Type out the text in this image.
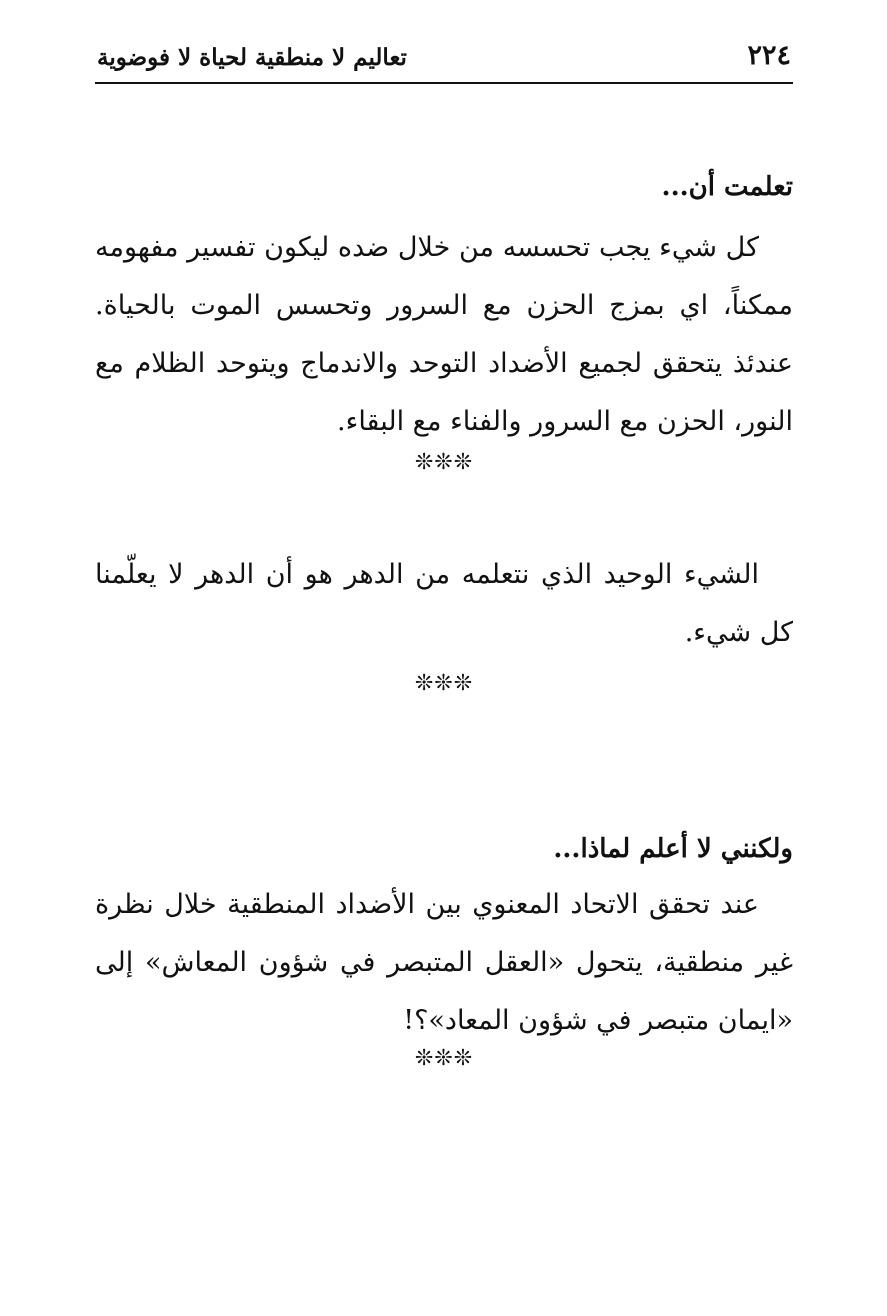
٢٢٤
تعاليم لا منطقية لحياة لا فوضوية
تعلمت أن...
كل شيء يجب تحسسه من خلال ضده ليكون تفسير مفهومه ممكناً، اي بمزج الحزن مع السرور وتحسس الموت بالحياة. عندئذ يتحقق لجميع الأضداد التوحد والاندماج ويتوحد الظلام مع النور، الحزن مع السرور والفناء مع البقاء.
❊❊❊
الشيء الوحيد الذي نتعلمه من الدهر هو أن الدهر لا يعلّمنا كل شيء.
❊❊❊
ولكنني لا أعلم لماذا...
عند تحقق الاتحاد المعنوي بين الأضداد المنطقية خلال نظرة غير منطقية، يتحول «العقل المتبصر في شؤون المعاش» إلى «ايمان متبصر في شؤون المعاد»؟!
❊❊❊
